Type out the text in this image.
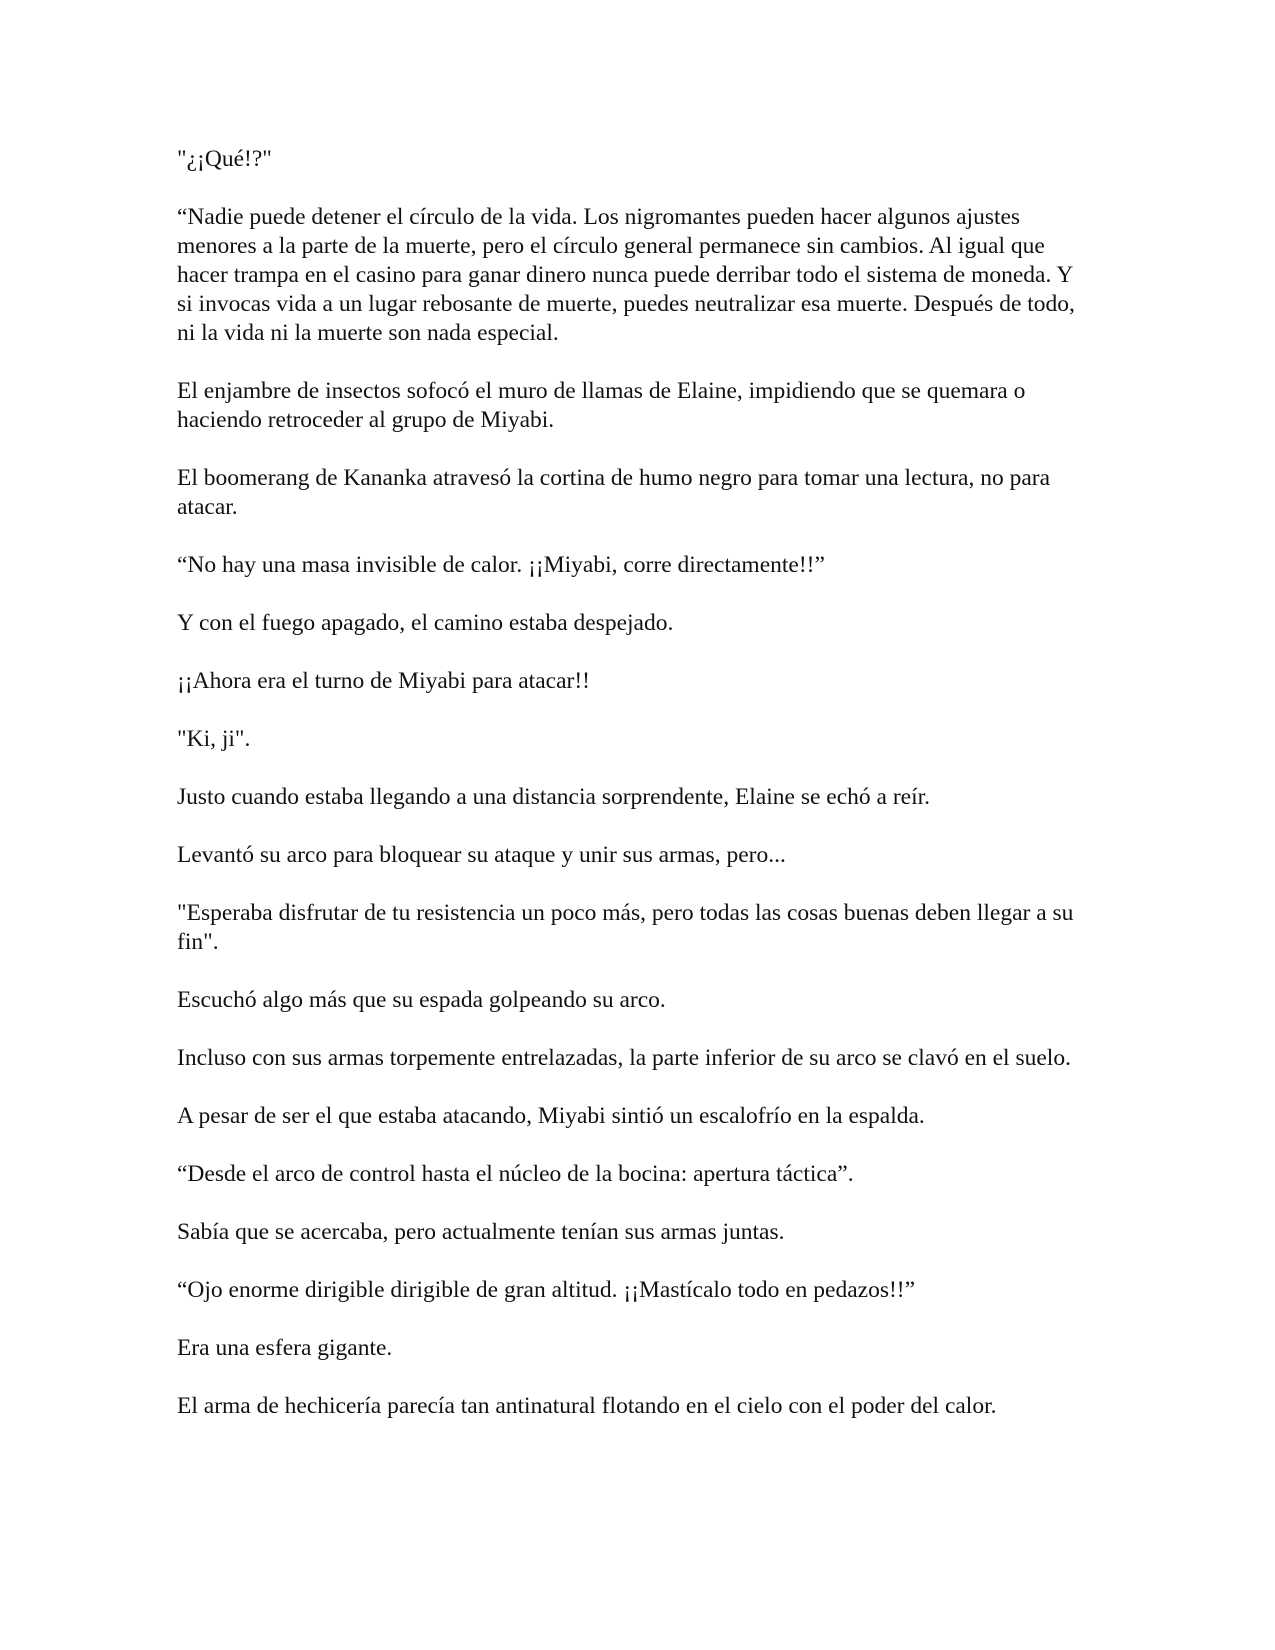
"¿¡Qué!?"

“Nadie puede detener el círculo de la vida. Los nigromantes pueden hacer algunos ajustes menores a la parte de la muerte, pero el círculo general permanece sin cambios. Al igual que hacer trampa en el casino para ganar dinero nunca puede derribar todo el sistema de moneda. Y si invocas vida a un lugar rebosante de muerte, puedes neutralizar esa muerte. Después de todo, ni la vida ni la muerte son nada especial.

El enjambre de insectos sofocó el muro de llamas de Elaine, impidiendo que se quemara o haciendo retroceder al grupo de Miyabi.

El boomerang de Kananka atravesó la cortina de humo negro para tomar una lectura, no para atacar.

“No hay una masa invisible de calor. ¡¡Miyabi, corre directamente!!”

Y con el fuego apagado, el camino estaba despejado.

¡¡Ahora era el turno de Miyabi para atacar!!

"Ki, ji".

Justo cuando estaba llegando a una distancia sorprendente, Elaine se echó a reír.

Levantó su arco para bloquear su ataque y unir sus armas, pero...

"Esperaba disfrutar de tu resistencia un poco más, pero todas las cosas buenas deben llegar a su fin".

Escuchó algo más que su espada golpeando su arco.

Incluso con sus armas torpemente entrelazadas, la parte inferior de su arco se clavó en el suelo.

A pesar de ser el que estaba atacando, Miyabi sintió un escalofrío en la espalda.

“Desde el arco de control hasta el núcleo de la bocina: apertura táctica”.

Sabía que se acercaba, pero actualmente tenían sus armas juntas.

“Ojo enorme dirigible dirigible de gran altitud. ¡¡Mastícalo todo en pedazos!!”

Era una esfera gigante.

El arma de hechicería parecía tan antinatural flotando en el cielo con el poder del calor.
